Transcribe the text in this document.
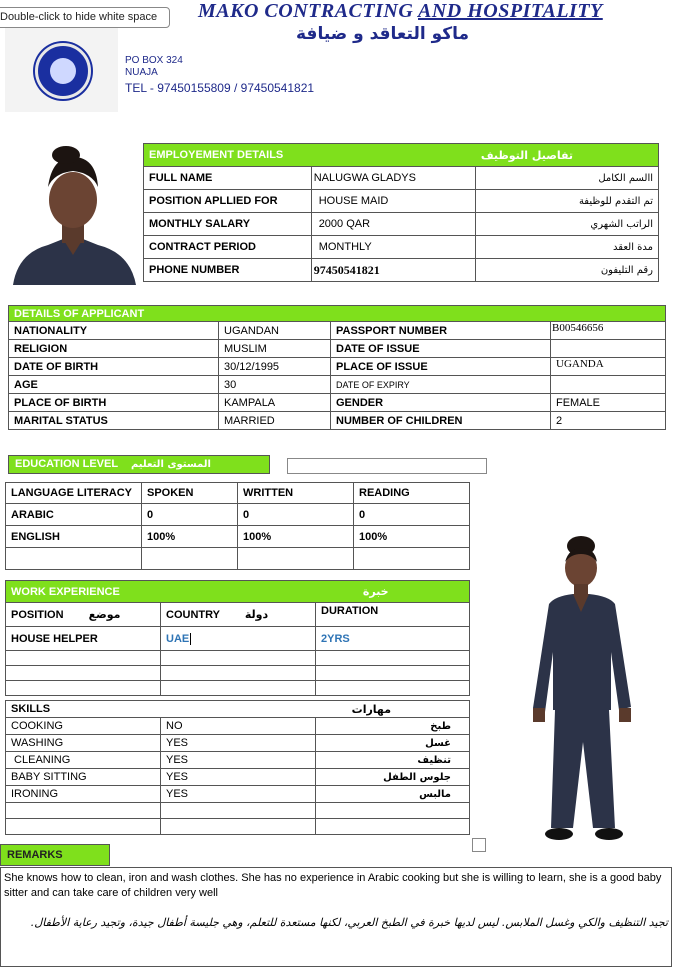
Double-click to hide white space	MAKO CONTRACTING AND HOSPITALITY
ماكو التعاقد و ضيافة
PO BOX 324
NUAJA
TEL - 97450155809 / 97450541821
EMPLOYEMENT DETAILS		تفاصيل التوظيف
FULL NAME	NALUGWA GLADYS	االسم الكامل
POSITION APLLIED FOR	HOUSE MAID	تم التقدم للوظيفة
MONTHLY SALARY	2000 QAR	الراتب الشهري
CONTRACT PERIOD	MONTHLY	مدة العقد
PHONE NUMBER	97450541821	رقم التليفون
DETAILS OF APPLICANT			
NATIONALITY	UGANDAN	PASSPORT NUMBER	B00546656
RELIGION	MUSLIM	DATE OF ISSUE	
DATE OF BIRTH	30/12/1995	PLACE OF ISSUE	UGANDA
AGE	30	DATE OF EXPIRY	
PLACE OF BIRTH	KAMPALA	GENDER	FEMALE
MARITAL STATUS	MARRIED	NUMBER OF CHILDREN	2
EDUCATION LEVEL المستوى التعليم
LANGUAGE LITERACY	SPOKEN	WRITTEN	READING
ARABIC	0	0	0
ENGLISH	100%	100%	100%

WORK EXPERIENCE خبرة		
POSITION موضع	COUNTRY دولة	DURATION
HOUSE HELPER	UAE	2YRS

SKILLS		مهارات
COOKING	NO	طبخ
WASHING	YES	غسل
CLEANING	YES	تنظيف
BABY SITTING	YES	جلوس الطفل
IRONING	YES	مالبس

REMARKS
She knows how to clean, iron and wash clothes. She has no experience in Arabic cooking but she is willing to learn, she is a good baby sitter and can take care of children very well
تجيد التنظيف والكي وغسل الملابس. ليس لديها خبرة في الطبخ العربي، لكنها مستعدة للتعلم، وهي جليسة أطفال جيدة، وتجيد رعاية الأطفال.
